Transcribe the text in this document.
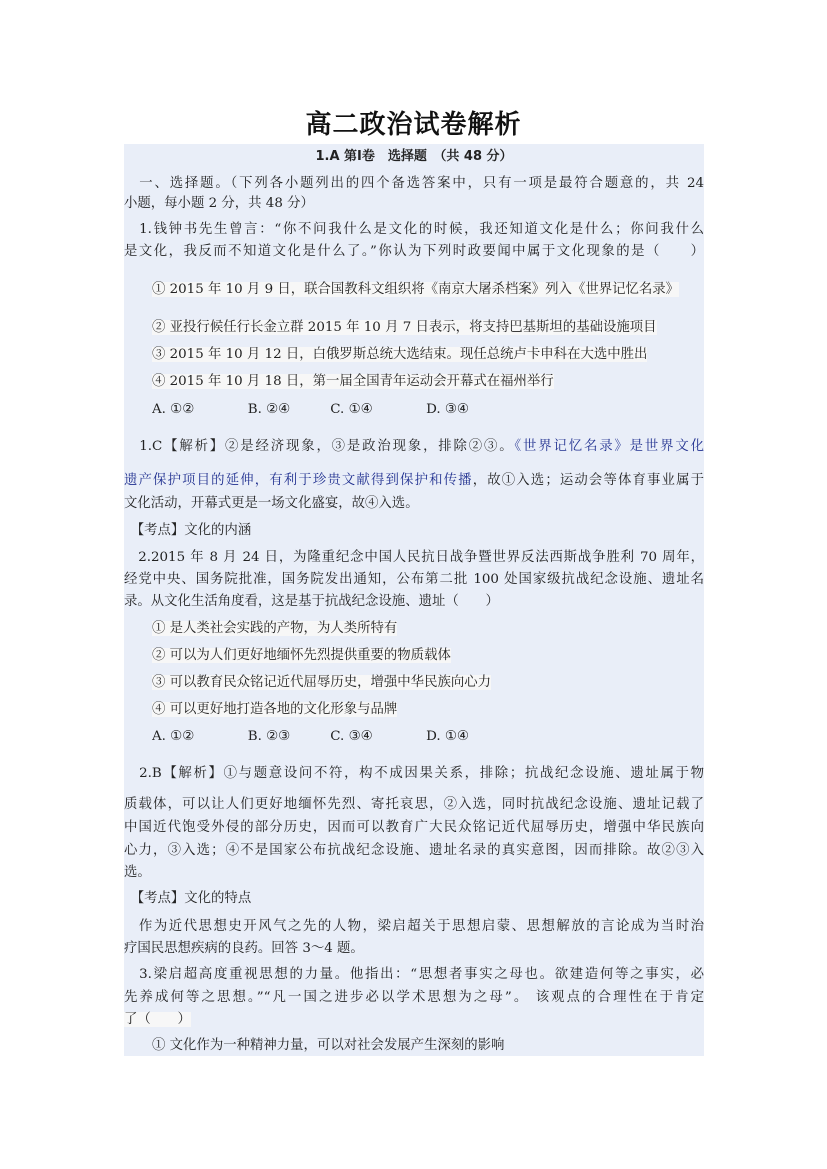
高二政治试卷解析
1.A 第Ⅰ卷　选择题　（共 48 分）
　一、选择题。（下列各小题列出的四个备选答案中，只有一项是最符合题意的，共 24
小题，每小题 2 分，共 48 分）
　1.钱钟书先生曾言：“你不问我什么是文化的时候，我还知道文化是什么；你问我什么
是文化，我反而不知道文化是什么了。”你认为下列时政要闻中属于文化现象的是（　　）
① 2015 年 10 月 9 日，联合国教科文组织将《南京大屠杀档案》列入《世界记忆名录》
② 亚投行候任行长金立群 2015 年 10 月 7 日表示，将支持巴基斯坦的基础设施项目
③ 2015 年 10 月 12 日，白俄罗斯总统大选结束。现任总统卢卡申科在大选中胜出
④ 2015 年 10 月 18 日，第一届全国青年运动会开幕式在福州举行
A. ①②　　　　B. ②④　　　C. ①④　　　　D. ③④
　1.C【解析】②是经济现象，③是政治现象，排除②③。《世界记忆名录》是世界文化
遗产保护项目的延伸，有利于珍贵文献得到保护和传播，故①入选；运动会等体育事业属于
文化活动，开幕式更是一场文化盛宴，故④入选。
　【考点】文化的内涵
　2.2015 年 8 月 24 日，为隆重纪念中国人民抗日战争暨世界反法西斯战争胜利 70 周年，
经党中央、国务院批准，国务院发出通知，公布第二批 100 处国家级抗战纪念设施、遗址名
录。从文化生活角度看，这是基于抗战纪念设施、遗址（　　）
① 是人类社会实践的产物，为人类所特有
② 可以为人们更好地缅怀先烈提供重要的物质载体
③ 可以教育民众铭记近代屈辱历史，增强中华民族向心力
④ 可以更好地打造各地的文化形象与品牌
A. ①②　　　　B. ②③　　　C. ③④　　　　D. ①④
　2.B【解析】①与题意设问不符，构不成因果关系，排除；抗战纪念设施、遗址属于物
质载体，可以让人们更好地缅怀先烈、寄托哀思，②入选，同时抗战纪念设施、遗址记载了
中国近代饱受外侵的部分历史，因而可以教育广大民众铭记近代屈辱历史，增强中华民族向
心力，③入选；④不是国家公布抗战纪念设施、遗址名录的真实意图，因而排除。故②③入
选。
　【考点】文化的特点
　作为近代思想史开风气之先的人物，梁启超关于思想启蒙、思想解放的言论成为当时治
疗国民思想疾病的良药。回答 3～4 题。
　3.梁启超高度重视思想的力量。他指出：“思想者事实之母也。欲建造何等之事实，必
先养成何等之思想。”“凡一国之进步必以学术思想为之母”。 该观点的合理性在于肯定
了（　　）
① 文化作为一种精神力量，可以对社会发展产生深刻的影响
